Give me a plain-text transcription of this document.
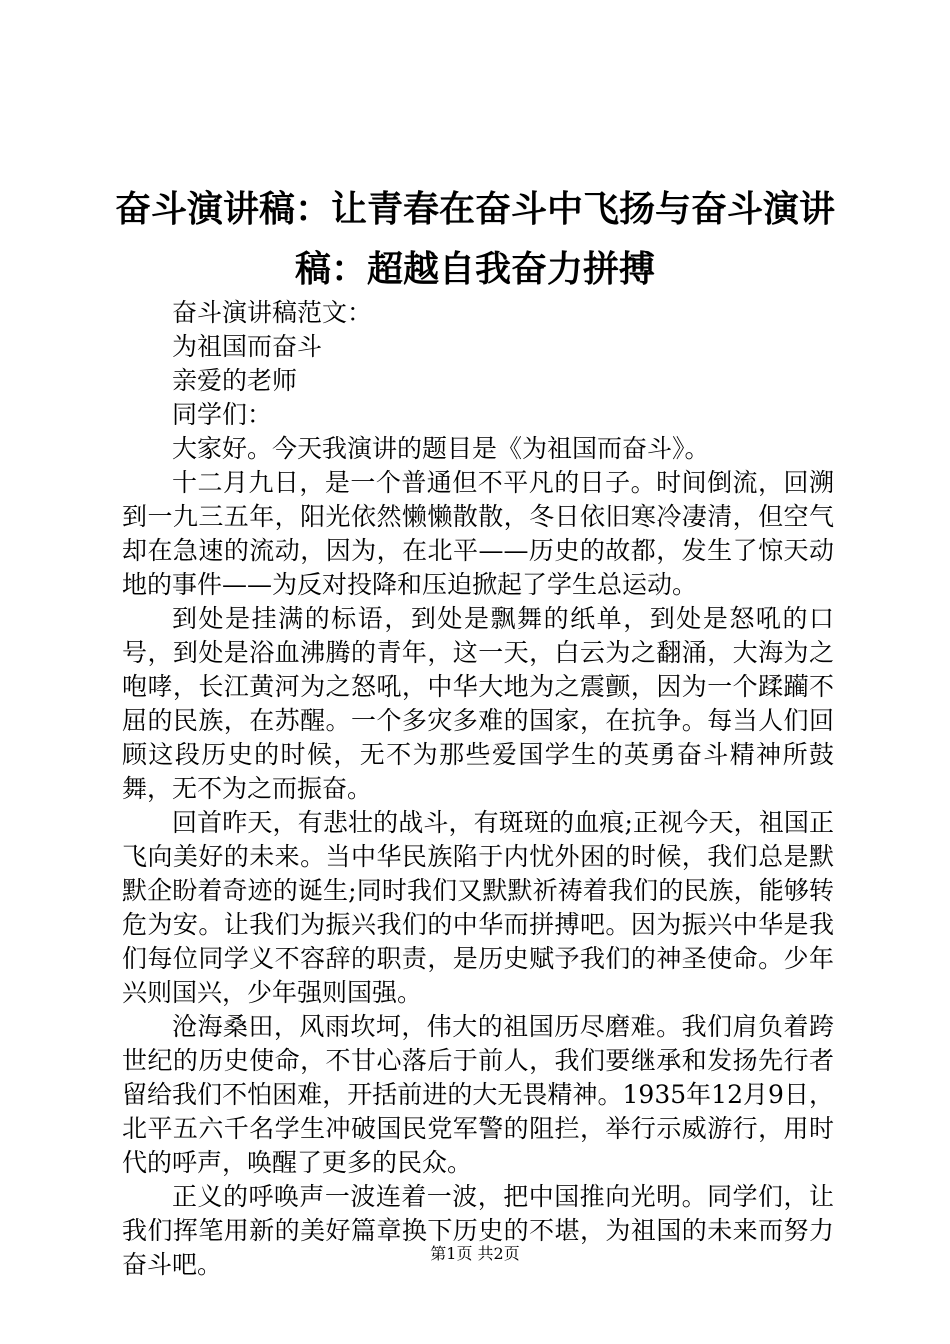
奋斗演讲稿：让青春在奋斗中飞扬与奋斗演讲稿：超越自我奋力拼搏

奋斗演讲稿范文：

为祖国而奋斗

亲爱的老师

同学们：

大家好。今天我演讲的题目是《为祖国而奋斗》。

十二月九日，是一个普通但不平凡的日子。时间倒流，回溯到一九三五年，阳光依然懒懒散散，冬日依旧寒冷凄清，但空气却在急速的流动，因为，在北平——历史的故都，发生了惊天动地的事件——为反对投降和压迫掀起了学生总运动。

到处是挂满的标语，到处是飘舞的纸单，到处是怒吼的口号，到处是浴血沸腾的青年，这一天，白云为之翻涌，大海为之咆哮，长江黄河为之怒吼，中华大地为之震颤，因为一个蹂躏不屈的民族，在苏醒。一个多灾多难的国家，在抗争。每当人们回顾这段历史的时候，无不为那些爱国学生的英勇奋斗精神所鼓舞，无不为之而振奋。

回首昨天，有悲壮的战斗，有斑斑的血痕;正视今天，祖国正飞向美好的未来。当中华民族陷于内忧外困的时候，我们总是默默企盼着奇迹的诞生;同时我们又默默祈祷着我们的民族，能够转危为安。让我们为振兴我们的中华而拼搏吧。因为振兴中华是我们每位同学义不容辞的职责，是历史赋予我们的神圣使命。少年兴则国兴，少年强则国强。

沧海桑田，风雨坎坷，伟大的祖国历尽磨难。我们肩负着跨世纪的历史使命，不甘心落后于前人，我们要继承和发扬先行者留给我们不怕困难，开括前进的大无畏精神。1935年12月9日，北平五六千名学生冲破国民党军警的阻拦，举行示威游行，用时代的呼声，唤醒了更多的民众。

正义的呼唤声一波连着一波，把中国推向光明。同学们，让我们挥笔用新的美好篇章换下历史的不堪，为祖国的未来而努力奋斗吧。	第1页 共2页
